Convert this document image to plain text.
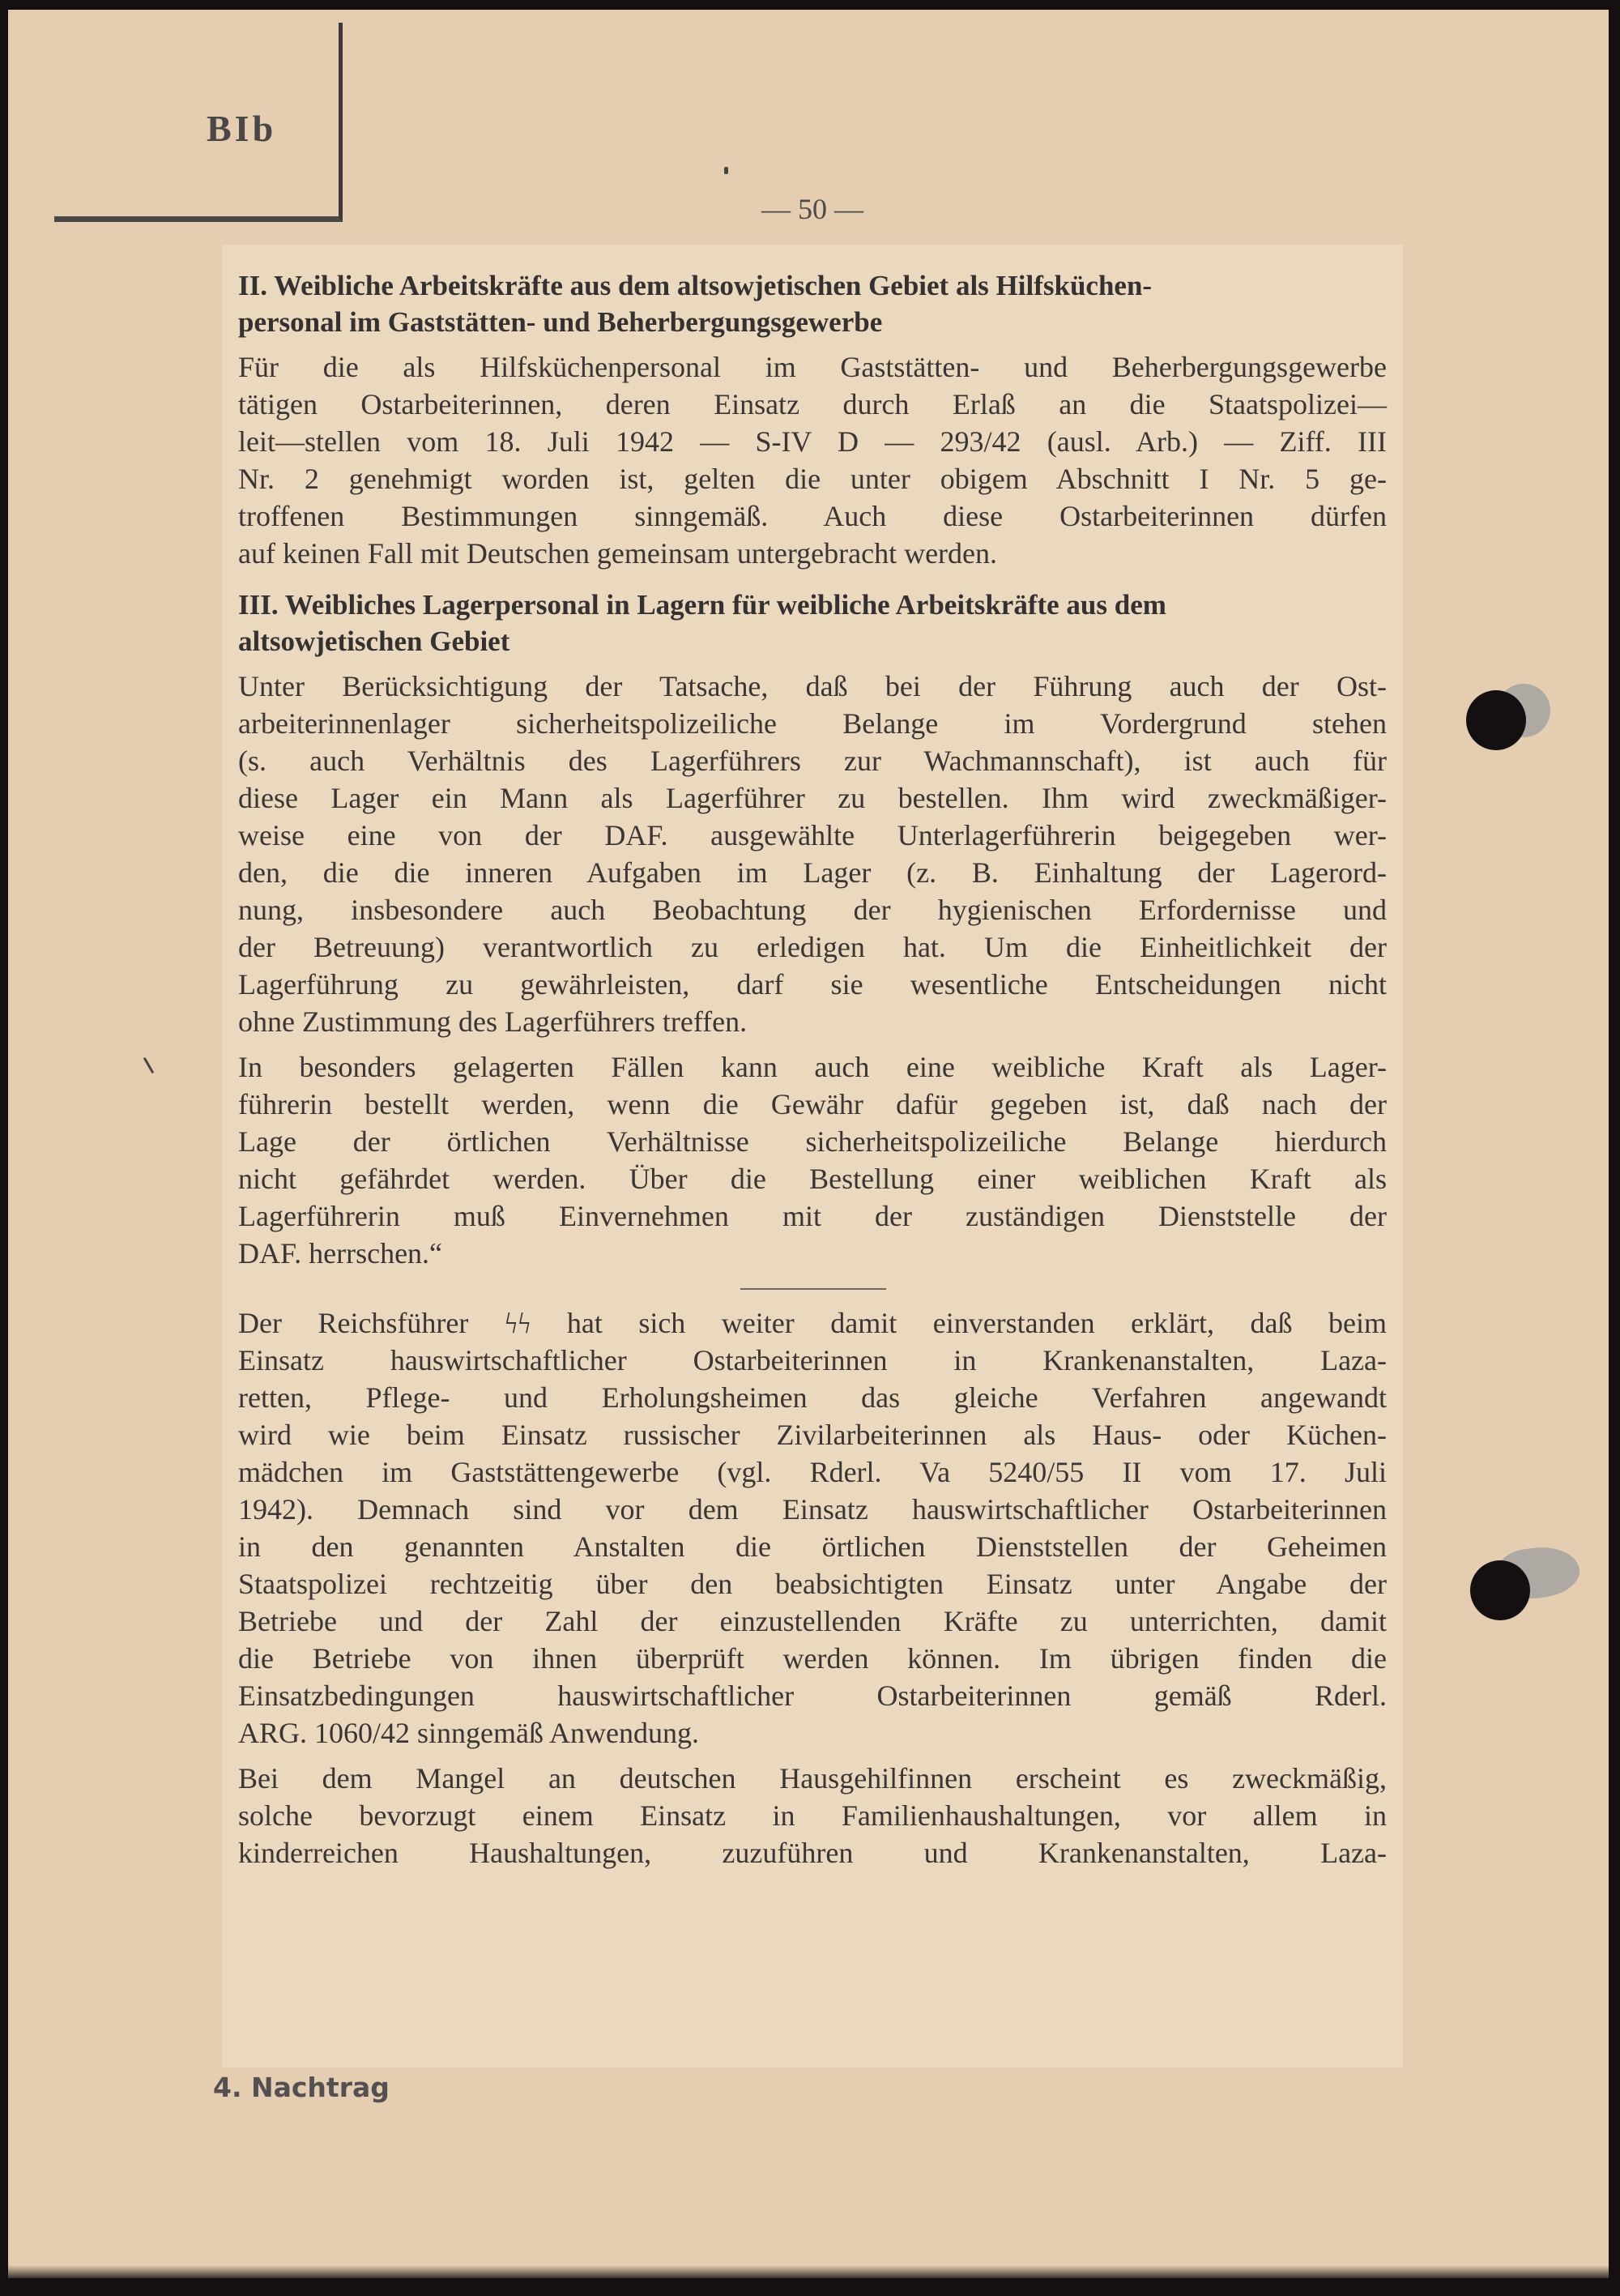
BIb
— 50 —
II. Weibliche Arbeitskräfte aus dem altsowjetischen Gebiet als Hilfsküchen-
personal im Gaststätten- und Beherbergungsgewerbe
Für die als Hilfsküchenpersonal im Gaststätten- und Beherbergungsgewerbe
tätigen Ostarbeiterinnen, deren Einsatz durch Erlaß an die Staatspolizei—
leit—stellen vom 18. Juli 1942 — S-IV D — 293/42 (ausl. Arb.) — Ziff. III
Nr. 2 genehmigt worden ist, gelten die unter obigem Abschnitt I Nr. 5 ge-
troffenen Bestimmungen sinngemäß. Auch diese Ostarbeiterinnen dürfen
auf keinen Fall mit Deutschen gemeinsam untergebracht werden.
III. Weibliches Lagerpersonal in Lagern für weibliche Arbeitskräfte aus dem
altsowjetischen Gebiet
Unter Berücksichtigung der Tatsache, daß bei der Führung auch der Ost-
arbeiterinnenlager sicherheitspolizeiliche Belange im Vordergrund stehen
(s. auch Verhältnis des Lagerführers zur Wachmannschaft), ist auch für
diese Lager ein Mann als Lagerführer zu bestellen. Ihm wird zweckmäßiger-
weise eine von der DAF. ausgewählte Unterlagerführerin beigegeben wer-
den, die die inneren Aufgaben im Lager (z. B. Einhaltung der Lagerord-
nung, insbesondere auch Beobachtung der hygienischen Erfordernisse und
der Betreuung) verantwortlich zu erledigen hat. Um die Einheitlichkeit der
Lagerführung zu gewährleisten, darf sie wesentliche Entscheidungen nicht
ohne Zustimmung des Lagerführers treffen.
In besonders gelagerten Fällen kann auch eine weibliche Kraft als Lager-
führerin bestellt werden, wenn die Gewähr dafür gegeben ist, daß nach der
Lage der örtlichen Verhältnisse sicherheitspolizeiliche Belange hierdurch
nicht gefährdet werden. Über die Bestellung einer weiblichen Kraft als
Lagerführerin muß Einvernehmen mit der zuständigen Dienststelle der
DAF. herrschen.“
Der Reichsführer ϟϟ hat sich weiter damit einverstanden erklärt, daß beim
Einsatz hauswirtschaftlicher Ostarbeiterinnen in Krankenanstalten, Laza-
retten, Pflege- und Erholungsheimen das gleiche Verfahren angewandt
wird wie beim Einsatz russischer Zivilarbeiterinnen als Haus- oder Küchen-
mädchen im Gaststättengewerbe (vgl. Rderl. Va 5240/55 II vom 17. Juli
1942). Demnach sind vor dem Einsatz hauswirtschaftlicher Ostarbeiterinnen
in den genannten Anstalten die örtlichen Dienststellen der Geheimen
Staatspolizei rechtzeitig über den beabsichtigten Einsatz unter Angabe der
Betriebe und der Zahl der einzustellenden Kräfte zu unterrichten, damit
die Betriebe von ihnen überprüft werden können. Im übrigen finden die
Einsatzbedingungen hauswirtschaftlicher Ostarbeiterinnen gemäß Rderl.
ARG. 1060/42 sinngemäß Anwendung.
Bei dem Mangel an deutschen Hausgehilfinnen erscheint es zweckmäßig,
solche bevorzugt einem Einsatz in Familienhaushaltungen, vor allem in
kinderreichen Haushaltungen, zuzuführen und Krankenanstalten, Laza-
4. Nachtrag
